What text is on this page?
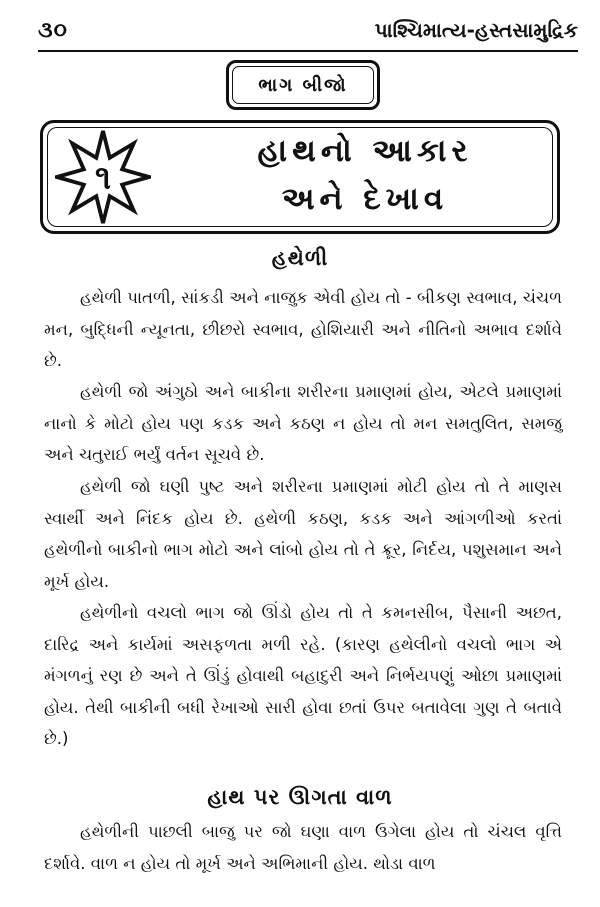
૩૦	પાશ્ચિમાત્ય-હસ્તસામુદ્રિક
ભાગ બીજો
૧
હાથનો આકાર
અને દેખાવ
હથેળી

હથેળી પાતળી, સાંકડી અને નાજુક એવી હોય તો - બીકણ સ્વભાવ, ચંચળ મન, બુદ્ધિની ન્યૂનતા, છીછરો સ્વભાવ, હોશિયારી અને નીતિનો અભાવ દર્શાવે છે.

હથેળી જો અંગુઠો અને બાકીના શરીરના પ્રમાણમાં હોય, એટલે પ્રમાણમાં નાનો કે મોટો હોય પણ કડક અને કઠણ ન હોય તો મન સમતુલિત, સમજુ અને ચતુરાઈ ભર્યું વર્તન સૂચવે છે.

હથેળી જો ઘણી પુષ્ટ અને શરીરના પ્રમાણમાં મોટી હોય તો તે માણસ સ્વાર્થી અને નિંદક હોય છે. હથેળી કઠણ, કડક અને આંગળીઓ કરતાં હથેળીનો બાકીનો ભાગ મોટો અને લાંબો હોય તો તે ક્રૂર, નિર્દય, પશુસમાન અને મૂર્ખ હોય.

હથેળીનો વચલો ભાગ જો ઊંડો હોય તો તે કમનસીબ, પૈસાની અછત, દારિદ્ર અને કાર્યમાં અસફળતા મળી રહે. (કારણ હથેલીનો વચલો ભાગ એ મંગળનું રણ છે અને તે ઊંડું હોવાથી બહાદુરી અને નિર્ભયપણું ઓછા પ્રમાણમાં હોય. તેથી બાકીની બધી રેખાઓ સારી હોવા છતાં ઉપર બતાવેલા ગુણ તે બતાવે છે.)

હાથ પર ઊગતા વાળ

હથેળીની પાછલી બાજુ પર જો ઘણા વાળ ઉગેલા હોય તો ચંચલ વૃત્તિ દર્શાવે. વાળ ન હોય તો મૂર્ખ અને અભિમાની હોય. થોડા વાળ
